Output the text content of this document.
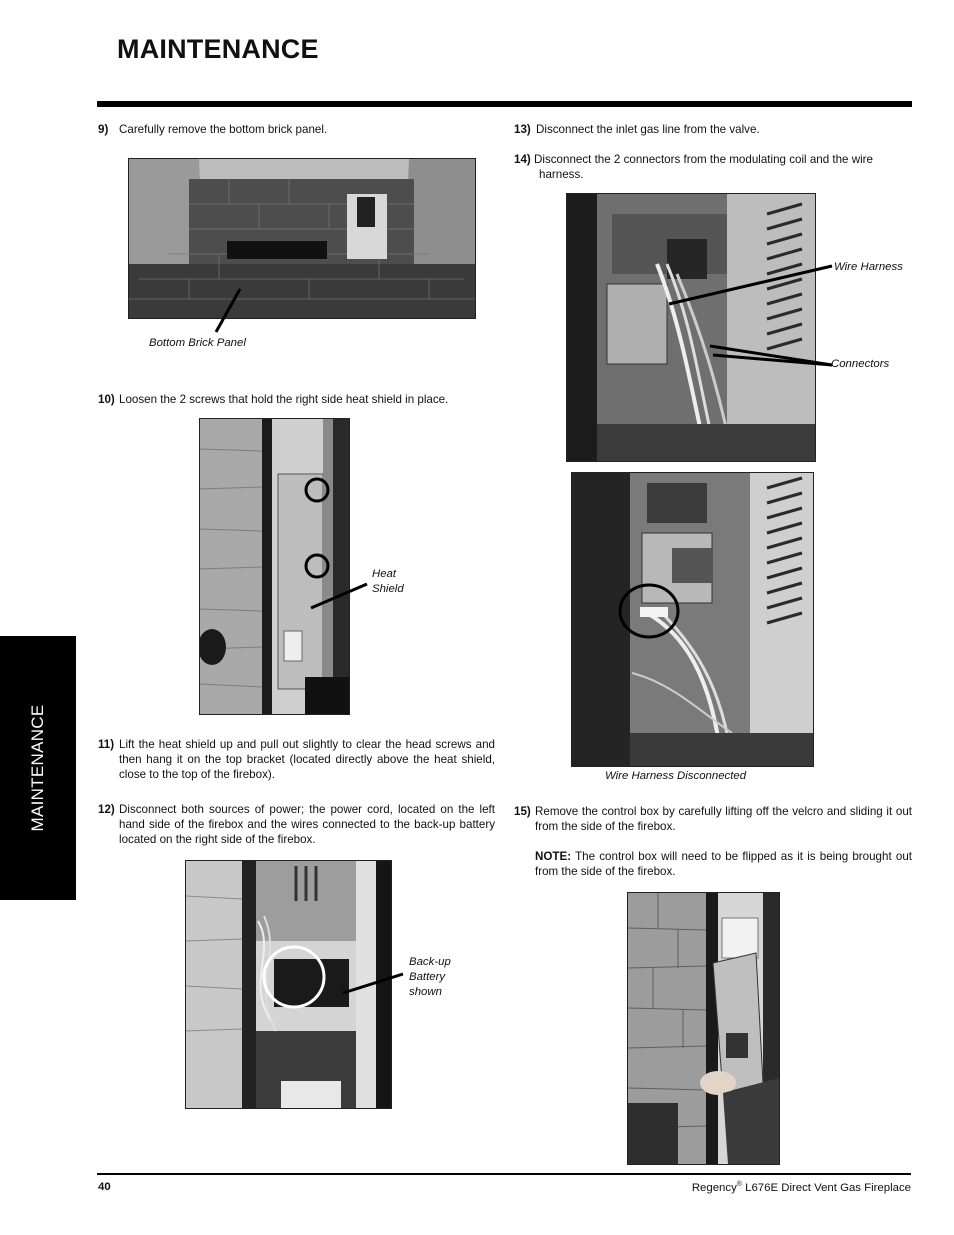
MAINTENANCE
MAINTENANCE
9) Carefully remove the bottom brick panel.
Bottom Brick Panel
10) Loosen the 2 screws that hold the right side heat shield in place.
Heat
Shield
11) Lift the heat shield up and pull out slightly to clear the head screws and then hang it on the top bracket (located directly above the heat shield, close to the top of the firebox).
12) Disconnect both sources of power; the power cord, located on the left hand side of the firebox and the wires connected to the back-up battery located on the right side of the firebox.
Back-up
Battery
shown
13) Disconnect the inlet gas line from the valve.
14) Disconnect the 2 connectors from the modulating coil and the wire
harness.
Wire Harness
Connectors
Wire Harness Disconnected
15) Remove the control box by carefully lifting off the velcro and sliding it out from the side of the firebox.
NOTE: The control box will need to be flipped as it is being brought out from the side of the firebox.
40	Regency® L676E Direct Vent Gas Fireplace
